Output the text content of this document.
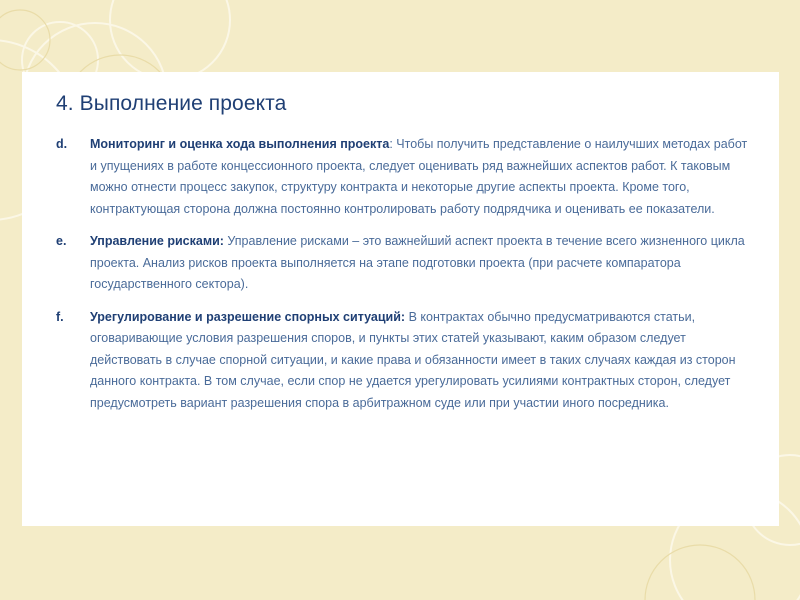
4. Выполнение проекта
d. Мониторинг и оценка хода выполнения проекта: Чтобы получить представление о наилучших методах работ и упущениях в работе концессионного проекта, следует оценивать ряд важнейших аспектов работ. К таковым можно отнести процесс закупок, структуру контракта и некоторые другие аспекты проекта. Кроме того, контрактующая сторона должна постоянно контролировать работу подрядчика и оценивать ее показатели.

e. Управление рисками: Управление рисками – это важнейший аспект проекта в течение всего жизненного цикла проекта. Анализ рисков проекта выполняется на этапе подготовки проекта (при расчете компаратора государственного сектора).

f. Урегулирование и разрешение спорных ситуаций: В контрактах обычно предусматриваются статьи, оговаривающие условия разрешения споров, и пункты этих статей указывают, каким образом следует действовать в случае спорной ситуации, и какие права и обязанности имеет в таких случаях каждая из сторон данного контракта. В том случае, если спор не удается урегулировать усилиями контрактных сторон, следует предусмотреть вариант разрешения спора в арбитражном суде или при участии иного посредника.
